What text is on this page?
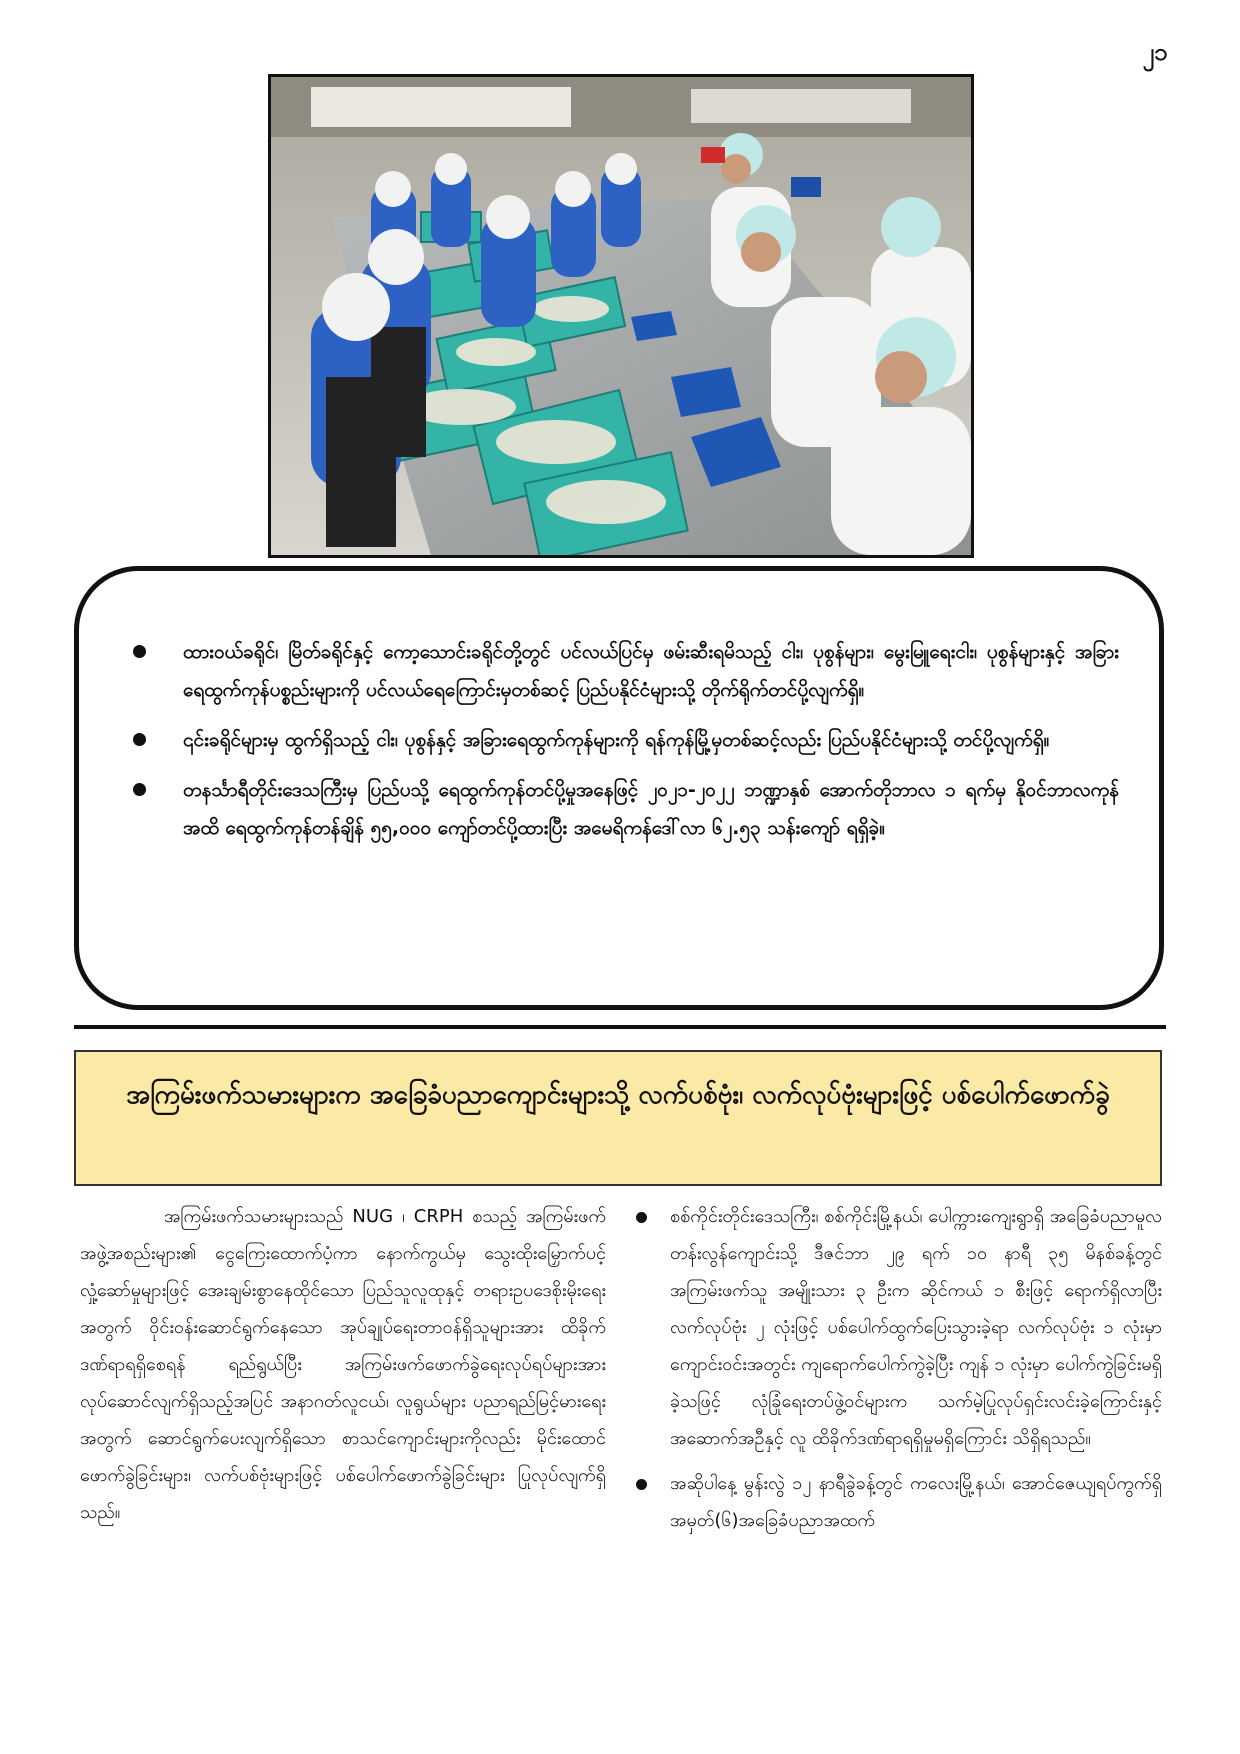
၂၁
ထားဝယ်ခရိုင်၊ မြိတ်ခရိုင်နှင့် ကော့သောင်းခရိုင်တို့တွင် ပင်လယ်ပြင်မှ ဖမ်းဆီးရမိသည့် ငါး၊ ပုစွန်များ၊ မွေးမြူရေးငါး၊ ပုစွန်များနှင့် အခြားရေထွက်ကုန်ပစ္စည်းများကို ပင်လယ်ရေကြောင်းမှတစ်ဆင့် ပြည်ပနိုင်ငံများသို့ တိုက်ရိုက်တင်ပို့လျက်ရှိ။
၎င်းခရိုင်များမှ ထွက်ရှိသည့် ငါး၊ ပုစွန်နှင့် အခြားရေထွက်ကုန်များကို ရန်ကုန်မြို့မှတစ်ဆင့်လည်း ပြည်ပနိုင်ငံများသို့ တင်ပို့လျက်ရှိ။
တနင်္သာရီတိုင်းဒေသကြီးမှ ပြည်ပသို့ ရေထွက်ကုန်တင်ပို့မှုအနေဖြင့် ၂၀၂၁-၂၀၂၂ ဘဏ္ဍာနှစ် အောက်တိုဘာလ ၁ ရက်မှ နိုဝင်ဘာလကုန်အထိ ရေထွက်ကုန်တန်ချိန် ၅၅,၀၀၀ ကျော်တင်ပို့ထားပြီး အမေရိကန်ဒေါ်လာ ၆၂.၅၃ သန်းကျော် ရရှိခဲ့။
အကြမ်းဖက်သမားများက အခြေခံပညာကျောင်းများသို့ လက်ပစ်ဗုံး၊ လက်လုပ်ဗုံးများဖြင့် ပစ်ပေါက်ဖောက်ခွဲ

အကြမ်းဖက်သမားများသည် NUG ၊ CRPH စသည့် အကြမ်းဖက်အဖွဲ့အစည်းများ၏ ငွေကြေးထောက်ပံ့ကာ နောက်ကွယ်မှ သွေးထိုးမြှောက်ပင့်လှုံ့ဆော်မှုများဖြင့် အေးချမ်းစွာနေထိုင်သော ပြည်သူလူထုနှင့် တရားဥပဒေစိုးမိုးရေးအတွက် ဝိုင်းဝန်းဆောင်ရွက်နေသော အုပ်ချုပ်ရေးတာဝန်ရှိသူများအား ထိခိုက်ဒဏ်ရာရရှိစေရန် ရည်ရွယ်ပြီး အကြမ်းဖက်ဖောက်ခွဲရေးလုပ်ရပ်များအား လုပ်ဆောင်လျက်ရှိသည့်အပြင် အနာဂတ်လူငယ်၊ လူရွယ်များ ပညာရည်မြင့်မားရေးအတွက် ဆောင်ရွက်ပေးလျက်ရှိသော စာသင်ကျောင်းများကိုလည်း မိုင်းထောင်ဖောက်ခွဲခြင်းများ၊ လက်ပစ်ဗုံးများဖြင့် ပစ်ပေါက်ဖောက်ခွဲခြင်းများ ပြုလုပ်လျက်ရှိသည်။

စစ်ကိုင်းတိုင်းဒေသကြီး၊ စစ်ကိုင်းမြို့နယ်၊ ပေါက္ကားကျေးရွာရှိ အခြေခံပညာမူလတန်းလွန်ကျောင်းသို့ ဒီဇင်ဘာ ၂၉ ရက် ၁၀ နာရီ ၃၅ မိနစ်ခန့်တွင် အကြမ်းဖက်သူ အမျိုးသား ၃ ဦးက ဆိုင်ကယ် ၁ စီးဖြင့် ရောက်ရှိလာပြီး လက်လုပ်ဗုံး ၂ လုံးဖြင့် ပစ်ပေါက်ထွက်ပြေးသွားခဲ့ရာ လက်လုပ်ဗုံး ၁ လုံးမှာ ကျောင်းဝင်းအတွင်း ကျရောက်ပေါက်ကွဲခဲ့ပြီး ကျန် ၁ လုံးမှာ ပေါက်ကွဲခြင်းမရှိခဲ့သဖြင့် လုံခြုံရေးတပ်ဖွဲ့ဝင်များက သက်မဲ့ပြုလုပ်ရှင်းလင်းခဲ့ကြောင်းနှင့် အဆောက်အဦနှင့် လူ ထိခိုက်ဒဏ်ရာရရှိမှုမရှိကြောင်း သိရှိရသည်။
အဆိုပါနေ့ မွန်းလွဲ ၁၂ နာရီခွဲခန့်တွင် ကလေးမြို့နယ်၊ အောင်ဇေယျရပ်ကွက်ရှိ အမှတ်(၆)အခြေခံပညာအထက်
